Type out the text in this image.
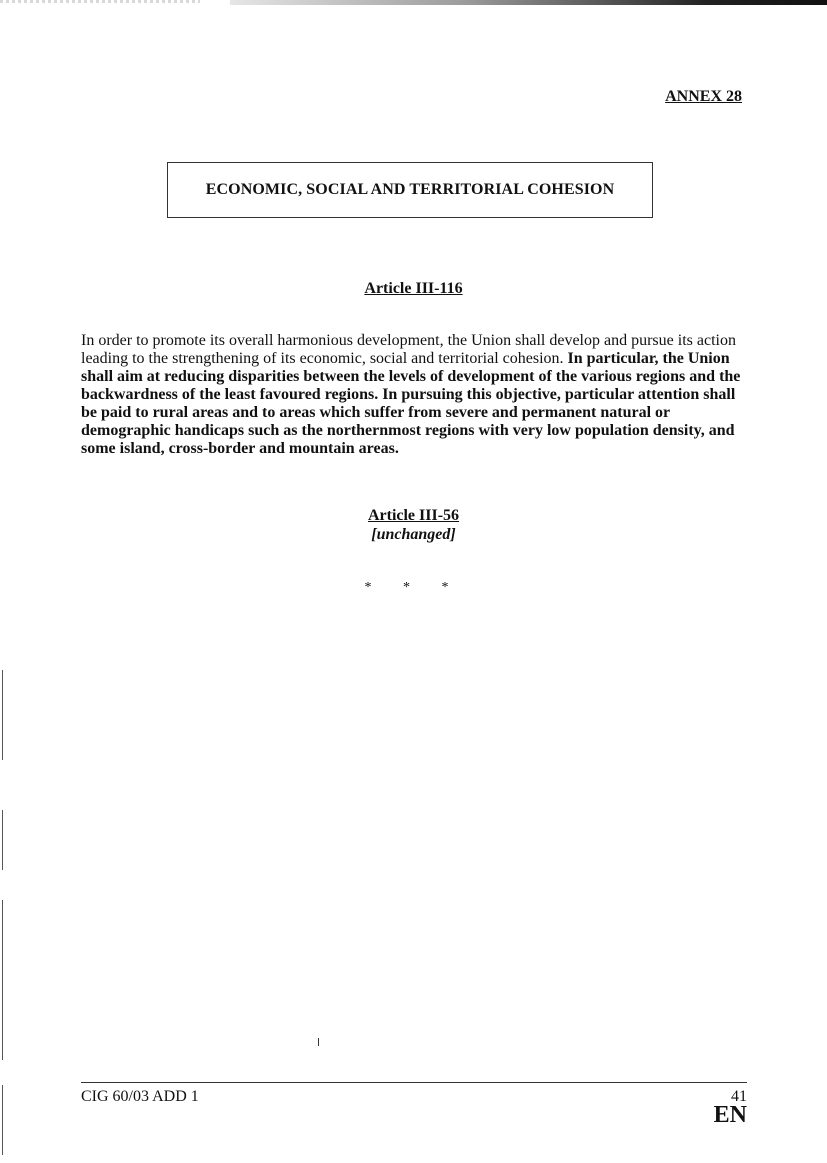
ANNEX 28
ECONOMIC, SOCIAL AND TERRITORIAL COHESION
Article III-116

In order to promote its overall harmonious development, the Union shall develop and pursue its action leading to the strengthening of its economic, social and territorial cohesion. In particular, the Union shall aim at reducing disparities between the levels of development of the various regions and the backwardness of the least favoured regions. In pursuing this objective, particular attention shall be paid to rural areas and to areas which suffer from severe and permanent natural or demographic handicaps such as the northernmost regions with very low population density, and some island, cross-border and mountain areas.

Article III-56
[unchanged]
* * *
CIG 60/03 ADD 1	41
EN
